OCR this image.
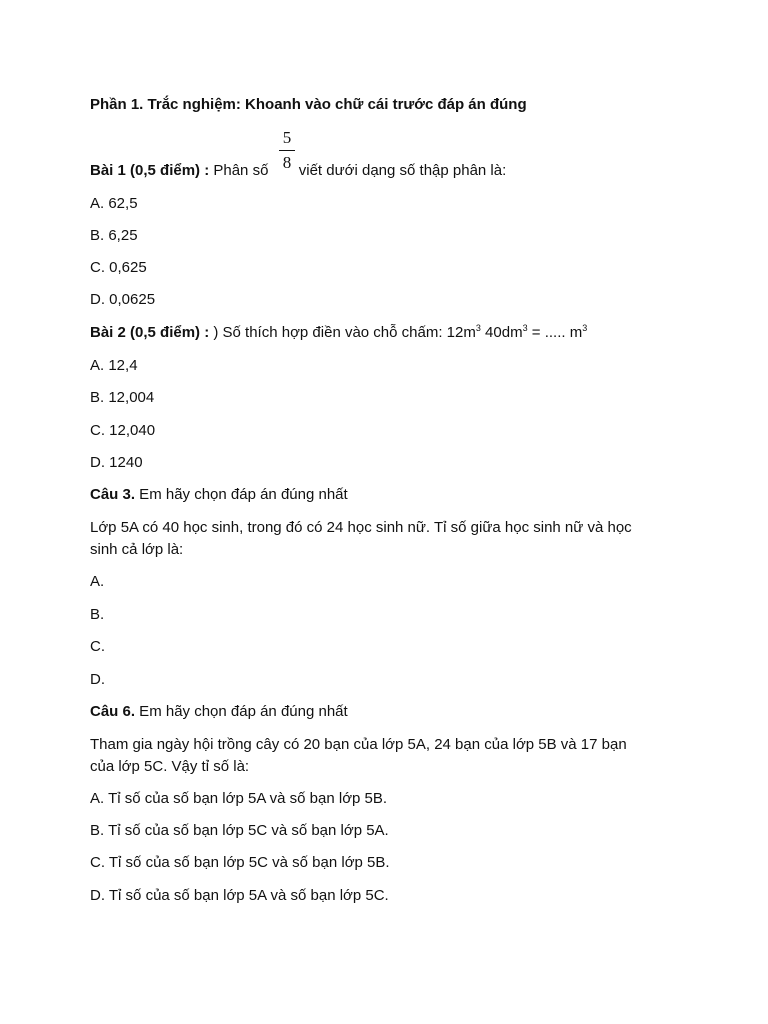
Phần 1. Trắc nghiệm: Khoanh vào chữ cái trước đáp án đúng
5
8
Bài 1 (0,5 điểm) : Phân số  viết dưới dạng số thập phân là:
A. 62,5
B. 6,25
C. 0,625
D. 0,0625
Bài 2 (0,5 điểm) : ) Số thích hợp điền vào chỗ chấm: $12m^3$ $40dm^3$ = ..... $m^3$
A. 12,4
B. 12,004
C. 12,040
D. 1240
Câu 3. Em hãy chọn đáp án đúng nhất
Lớp 5A có 40 học sinh, trong đó có 24 học sinh nữ. Tỉ số giữa học sinh nữ và học
sinh cả lớp là:
A.
B.
C.
D.
Câu 6. Em hãy chọn đáp án đúng nhất
Tham gia ngày hội trồng cây có 20 bạn của lớp 5A, 24 bạn của lớp 5B và 17 bạn
của lớp 5C. Vậy tỉ số là:
A. Tỉ số của số bạn lớp 5A và số bạn lớp 5B.
B. Tỉ số của số bạn lớp 5C và số bạn lớp 5A.
C. Tỉ số của số bạn lớp 5C và số bạn lớp 5B.
D. Tỉ số của số bạn lớp 5A và số bạn lớp 5C.
